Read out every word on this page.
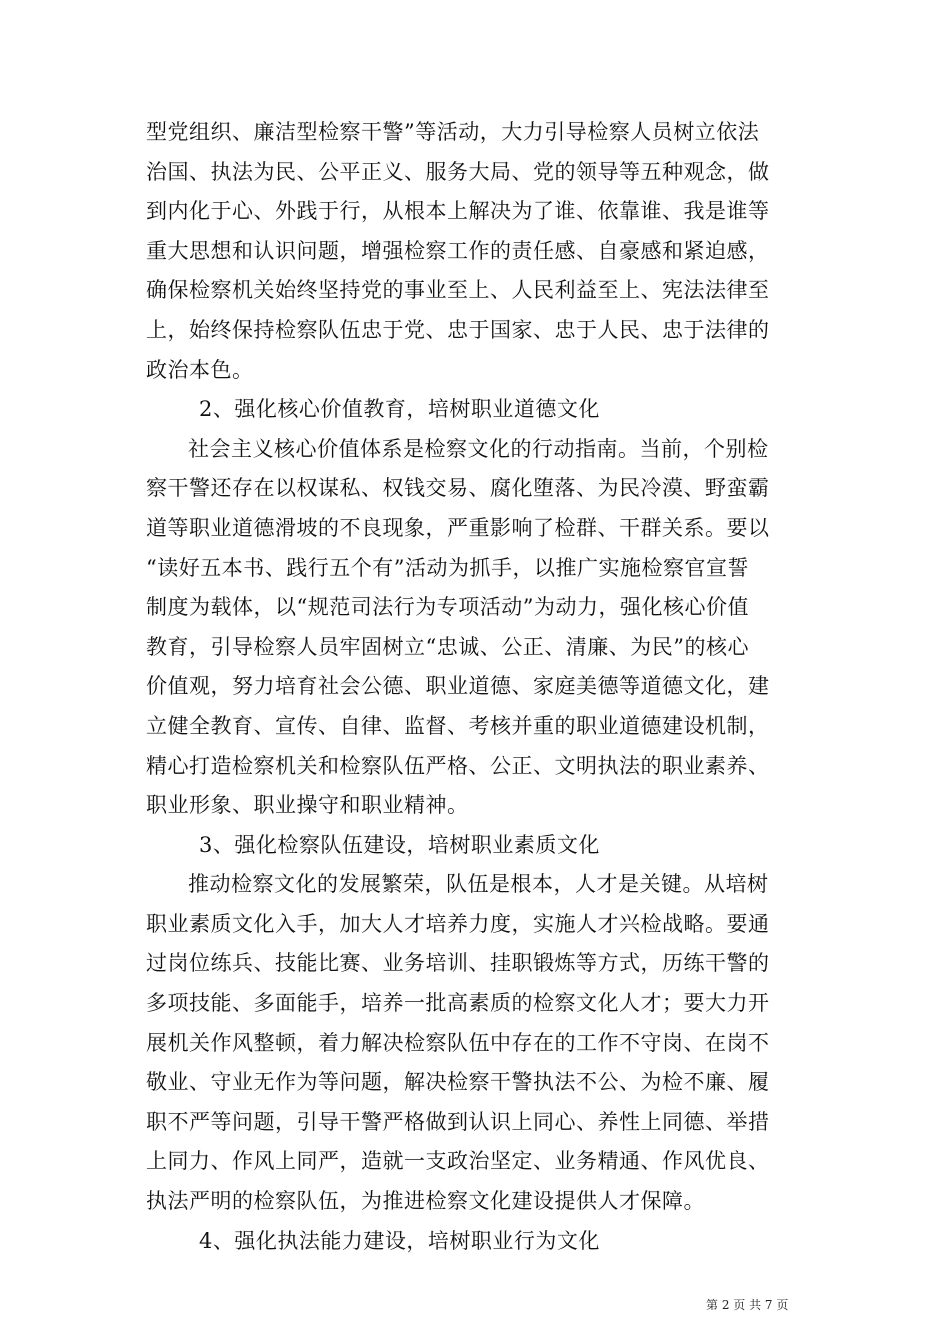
型党组织、廉洁型检察干警”等活动，大力引导检察人员树立依法
治国、执法为民、公平正义、服务大局、党的领导等五种观念，做
到内化于心、外践于行，从根本上解决为了谁、依靠谁、我是谁等
重大思想和认识问题，增强检察工作的责任感、自豪感和紧迫感，
确保检察机关始终坚持党的事业至上、人民利益至上、宪法法律至
上，始终保持检察队伍忠于党、忠于国家、忠于人民、忠于法律的
政治本色。
2、强化核心价值教育，培树职业道德文化
社会主义核心价值体系是检察文化的行动指南。当前，个别检
察干警还存在以权谋私、权钱交易、腐化堕落、为民冷漠、野蛮霸
道等职业道德滑坡的不良现象，严重影响了检群、干群关系。要以
“读好五本书、践行五个有”活动为抓手，以推广实施检察官宣誓
制度为载体，以“规范司法行为专项活动”为动力，强化核心价值
教育，引导检察人员牢固树立“忠诚、公正、清廉、为民”的核心
价值观，努力培育社会公德、职业道德、家庭美德等道德文化，建
立健全教育、宣传、自律、监督、考核并重的职业道德建设机制，
精心打造检察机关和检察队伍严格、公正、文明执法的职业素养、
职业形象、职业操守和职业精神。
3、强化检察队伍建设，培树职业素质文化
推动检察文化的发展繁荣，队伍是根本，人才是关键。从培树
职业素质文化入手，加大人才培养力度，实施人才兴检战略。要通
过岗位练兵、技能比赛、业务培训、挂职锻炼等方式，历练干警的
多项技能、多面能手，培养一批高素质的检察文化人才；要大力开
展机关作风整顿，着力解决检察队伍中存在的工作不守岗、在岗不
敬业、守业无作为等问题，解决检察干警执法不公、为检不廉、履
职不严等问题，引导干警严格做到认识上同心、养性上同德、举措
上同力、作风上同严，造就一支政治坚定、业务精通、作风优良、
执法严明的检察队伍，为推进检察文化建设提供人才保障。
4、强化执法能力建设，培树职业行为文化
第 2 页 共 7 页
